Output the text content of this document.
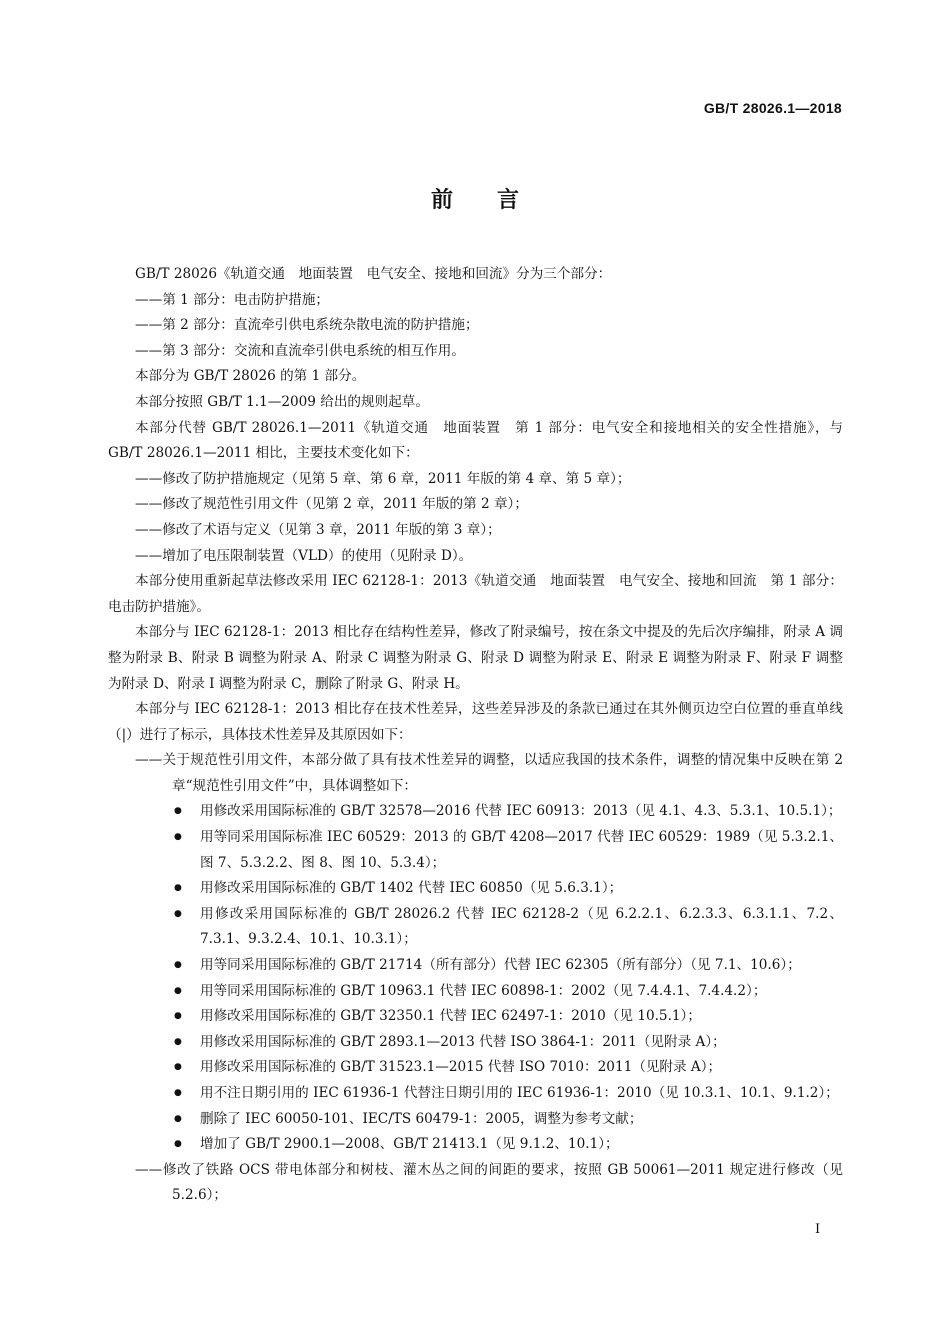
GB/T 28026.1—2018
前言

GB/T 28026《轨道交通　地面装置　电气安全、接地和回流》分为三个部分：

——第 1 部分：电击防护措施；

——第 2 部分：直流牵引供电系统杂散电流的防护措施；

——第 3 部分：交流和直流牵引供电系统的相互作用。

本部分为 GB/T 28026 的第 1 部分。

本部分按照 GB/T 1.1—2009 给出的规则起草。

本部分代替 GB/T 28026.1—2011《轨道交通　地面装置　第 1 部分：电气安全和接地相关的安全性措施》，与 GB/T 28026.1—2011 相比，主要技术变化如下：

——修改了防护措施规定（见第 5 章、第 6 章，2011 年版的第 4 章、第 5 章）；

——修改了规范性引用文件（见第 2 章，2011 年版的第 2 章）；

——修改了术语与定义（见第 3 章，2011 年版的第 3 章）；

——增加了电压限制装置（VLD）的使用（见附录 D）。

本部分使用重新起草法修改采用 IEC 62128-1：2013《轨道交通　地面装置　电气安全、接地和回流　第 1 部分：电击防护措施》。

本部分与 IEC 62128-1：2013 相比存在结构性差异，修改了附录编号，按在条文中提及的先后次序编排，附录 A 调整为附录 B、附录 B 调整为附录 A、附录 C 调整为附录 G、附录 D 调整为附录 E、附录 E 调整为附录 F、附录 F 调整为附录 D、附录 I 调整为附录 C，删除了附录 G、附录 H。

本部分与 IEC 62128-1：2013 相比存在技术性差异，这些差异涉及的条款已通过在其外侧页边空白位置的垂直单线（|）进行了标示，具体技术性差异及其原因如下：

——关于规范性引用文件，本部分做了具有技术性差异的调整，以适应我国的技术条件，调整的情况集中反映在第 2 章“规范性引用文件”中，具体调整如下：

● 用修改采用国际标准的 GB/T 32578—2016 代替 IEC 60913：2013（见 4.1、4.3、5.3.1、10.5.1）；
● 用等同采用国际标准 IEC 60529：2013 的 GB/T 4208—2017 代替 IEC 60529：1989（见 5.3.2.1、图 7、5.3.2.2、图 8、图 10、5.3.4）；
● 用修改采用国际标准的 GB/T 1402 代替 IEC 60850（见 5.6.3.1）；
● 用修改采用国际标准的 GB/T 28026.2 代替 IEC 62128-2（见 6.2.2.1、6.2.3.3、6.3.1.1、7.2、7.3.1、9.3.2.4、10.1、10.3.1）；
● 用等同采用国际标准的 GB/T 21714（所有部分）代替 IEC 62305（所有部分）（见 7.1、10.6）；
● 用等同采用国际标准的 GB/T 10963.1 代替 IEC 60898-1：2002（见 7.4.4.1、7.4.4.2）；
● 用修改采用国际标准的 GB/T 32350.1 代替 IEC 62497-1：2010（见 10.5.1）；
● 用修改采用国际标准的 GB/T 2893.1—2013 代替 ISO 3864-1：2011（见附录 A）；
● 用修改采用国际标准的 GB/T 31523.1—2015 代替 ISO 7010：2011（见附录 A）；
● 用不注日期引用的 IEC 61936-1 代替注日期引用的 IEC 61936-1：2010（见 10.3.1、10.1、9.1.2）；
● 删除了 IEC 60050-101、IEC/TS 60479-1：2005，调整为参考文献；
● 增加了 GB/T 2900.1—2008、GB/T 21413.1（见 9.1.2、10.1）；

——修改了铁路 OCS 带电体部分和树枝、灌木丛之间的间距的要求，按照 GB 50061—2011 规定进行修改（见 5.2.6）；

I
